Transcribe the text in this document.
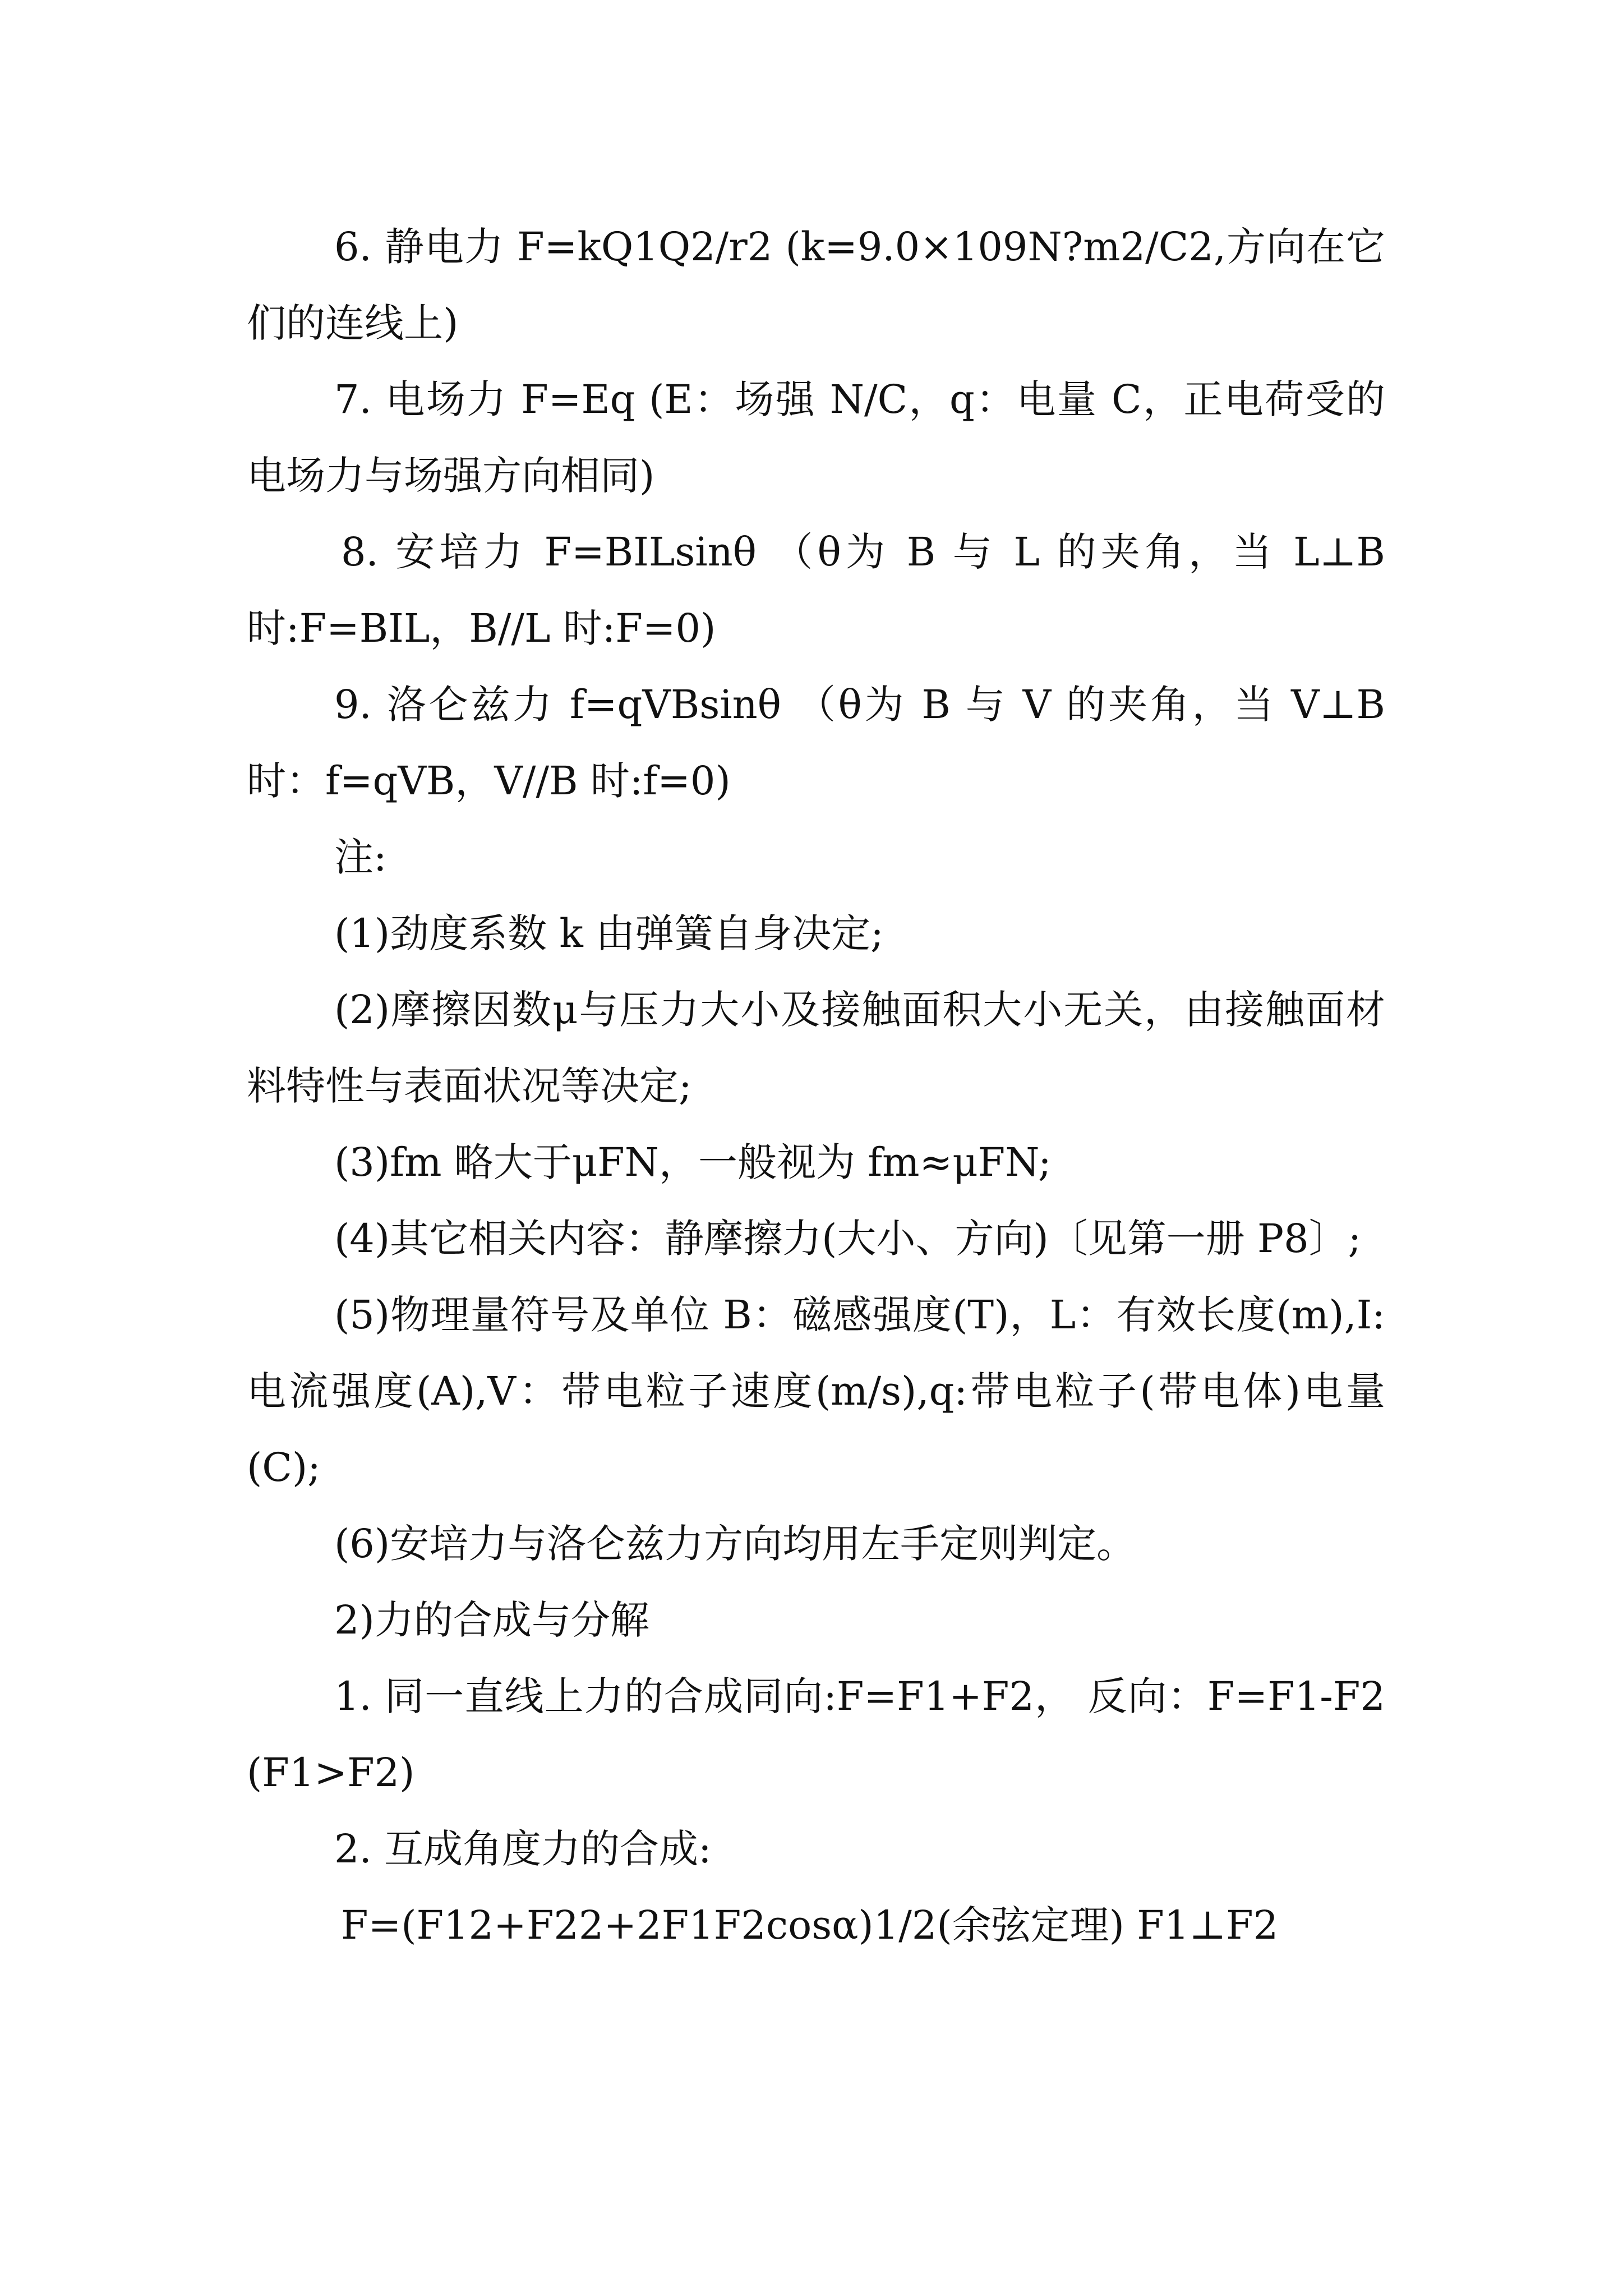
6. 静电力 F=kQ1Q2/r2 (k=9.0×109N?m2/C2,方向在它们的连线上)

7. 电场力 F=Eq (E：场强 N/C，q：电量 C，正电荷受的电场力与场强方向相同)

8. 安培力 F=BILsinθ （θ为 B 与 L 的夹角，当 L⊥B 时:F=BIL，B//L 时:F=0)

9. 洛仑兹力 f=qVBsinθ （θ为 B 与 V 的夹角，当 V⊥B 时：f=qVB，V//B 时:f=0)

注:

(1)劲度系数 k 由弹簧自身决定;

(2)摩擦因数μ与压力大小及接触面积大小无关，由接触面材料特性与表面状况等决定;

(3)fm 略大于μFN，一般视为 fm≈μFN;

(4)其它相关内容：静摩擦力(大小、方向)〔见第一册 P8〕;

(5)物理量符号及单位 B：磁感强度(T)，L：有效长度(m),I:电流强度(A),V：带电粒子速度(m/s),q:带电粒子(带电体)电量(C);

(6)安培力与洛仑兹力方向均用左手定则判定。

2)力的合成与分解

1. 同一直线上力的合成同向:F=F1+F2， 反向：F=F1-F2 (F1>F2)

2. 互成角度力的合成:

F=(F12+F22+2F1F2cosα)1/2(余弦定理) F1⊥F2
